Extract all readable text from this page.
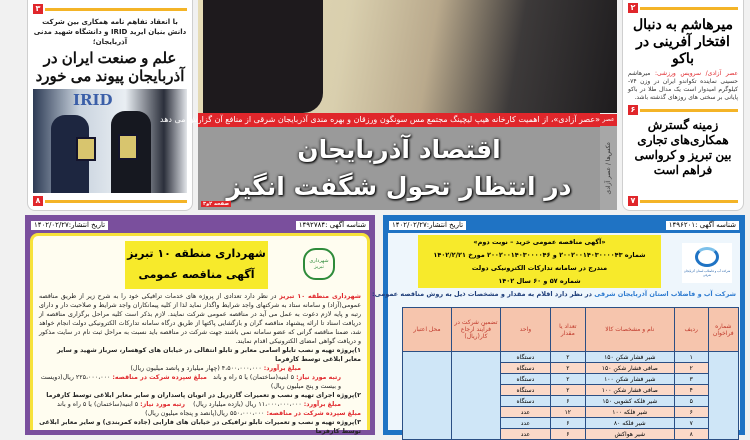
۳
با انعقاد تفاهم نامه همکاری بین شرکت دانش بنیان ایرید IRID و دانشگاه شهید مدنی آذربایجان؛
علم و صنعت ایران در آذربایجان پیوند می خورد
IRID
۸
«عصر آزادی»، از اهمیت کارخانه هیپ لیچینگ مجتمع مس سونگون ورزقان و بهره مندی آذربایجان شرقی از منافع آن گزارش می دهد
اقتصاد آذربایجان
در انتظار تحول شگفت انگیز
صفحه ۲و۳
عصر
عکس‌ها / عصر آزادی
۲
میرهاشم به دنبال افتخار آفرینی در باکو
عصر آزادی/ سرویس ورزشی: میرهاشم حسینی نماینده تکواندو ایران در وزن ۷۴- کیلوگرم امیدوار است یک مدال طلا در باکو پایانی بر سختی های روزهای گذشته باشد.
۶
زمینه گسترش همکاری‌های تجاری بین تبریز و کرواسی فراهم است
۷
شناسه آگهی :۱۴۹۲۷۸۴
تاریخ انتشار:۱۴۰۲/۰۲/۲۷
شهرداری منطقه ۱۰ تبریز
آگهی مناقصه عمومی
شهرداری تبریز
شهرداری منطقه ۱۰ تبریز در نظر دارد تعدادی از پروژه های خدمات ترافیکی خود را به شرح زیر از طریق مناقصه عمومی(آزاد) و سامانه ستاد به شرکتهای واجد شرایط واگذار نماید لذا از کلیه پیمانکاران واجد شرایط و صلاحیت دار و دارای رتبه و پایه لازم دعوت به عمل می آید در مناقصه عمومی شرکت نمایند. لازم بذکر است کلیه مراحل برگزاری مناقصه از دریافت اسناد تا ارائه پیشنهاد مناقصه گران و بازگشایی پاکتها از طریق درگاه سامانه تدارکات الکترونیکی دولت انجام خواهد شد، ضمنا مناقصه گرانی که عضو سامانه نمی باشند جهت شرکت در مناقصه باید نسبت به مراحل ثبت نام در سایت مذکور و دریافت گواهی امضای الکترونیکی اقدام نمایند.
۱)پروژه تهیه و نصب تابلو اسامی معابر و تابلو انتقالی در خیابان های کوهسار، سرباز شهید و سایر معابر ابلاغی توسط کارفرما
مبلغ برآورد: ۴،۵۰۰،۰۰۰،۰۰۰ (چهار میلیارد و پانصد میلیون ریال)
رتبه مورد نیاز: ۵ ابنیه(ساختمان) یا ۵ راه و باند   مبلغ سپرده شرکت در مناقصه: ۲۲۵،۰۰۰،۰۰۰ ریال(دویست و بیست و پنج میلیون ریال)
۲)پروژه اجرای تهیه و نصب و تعمیرات گاردریل در اتوبان پاسداران و سایر معابر ابلاغی توسط کارفرما
مبلغ برآورد: ۱۱،۰۰۰،۰۰۰،۰۰۰ ریال (یازده میلیارد ریال)    رتبه مورد نیاز: ۵ ابنیه(ساختمان) یا ۵ راه و باند
مبلغ سپرده شرکت در مناقصه: ۵۵۰،۰۰۰،۰۰۰ ریال(پانصد و پنجاه میلیون ریال)
۳)پروژه تهیه و نصب و تعمیرات تابلو ترافیکی در خیابان های فارابی (جاده کمربندی) و سایر معابر ابلاغی توسط کارفرما
شناسه آگهی :۱۴۹۶۲۰۱
تاریخ انتشار:۱۴۰۲/۰۲/۲۷
«آگهی مناقصه عمومی خرید – نوبت دوم»
شماره ۲۰۰۲۰۰۱۴۰۳۰۰۰۰۴۳ و ۲۰۰۲۰۰۱۴۰۳۰۰۰۰۴۶ مورخ ۱۴۰۲/۲/۲۱
مندرج در سامانه تدارکات الکترونیکی دولت
شماره ۵۷ و ۶۰ سال ۱۴۰۲
شرکت آب و فاضلاب استان آذربایجان شرقی
شرکت آب و فاضلاب استان آذربایجان شرقی در نظر دارد اقلام به مقدار و مشخصات ذیل به روش مناقصه عمومی:
شماره فراخوان	ردیف	نام و مشخصات کالا	تعداد یا مقدار	واحد	تضمین شرکت در فرآیند ارجاع کار(ریال)	محل اعتبار
	۱	شیر فشار شکن ۱۵۰	۲	دستگاه		
	۲	صافی فشار شکن ۱۵۰	۲	دستگاه		
	۳	شیر فشار شکن ۱۰۰	۲	دستگاه		
	۴	صافی فشار شکن ۱۰۰	۲	دستگاه		
	۵	شیر فلکه کشویی ۱۵۰	۶	دستگاه		
	۶	شیر فلکه ۱۰۰	۱۲	عدد		
	۷	شیر فلکه ۸۰	۶	عدد		
	۸	شیر هواکش	۶	عدد		
